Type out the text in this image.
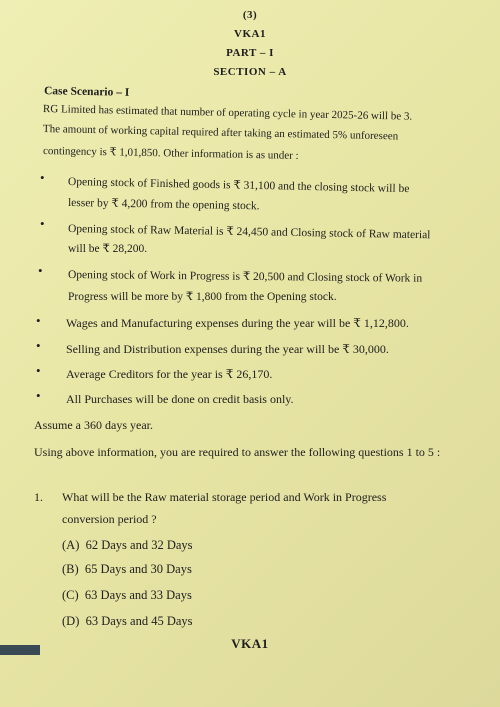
(3)
VKA1
PART – I
SECTION – A
Case Scenario – I
RG Limited has estimated that number of operating cycle in year 2025-26 will be 3.
The amount of working capital required after taking an estimated 5% unforeseen
contingency is ₹ 1,01,850. Other information is as under :
• Opening stock of Finished goods is ₹ 31,100 and the closing stock will be
lesser by ₹ 4,200 from the opening stock.
• Opening stock of Raw Material is ₹ 24,450 and Closing stock of Raw material
will be ₹ 28,200.
• Opening stock of Work in Progress is ₹ 20,500 and Closing stock of Work in
Progress will be more by ₹ 1,800 from the Opening stock.
• Wages and Manufacturing expenses during the year will be ₹ 1,12,800.
• Selling and Distribution expenses during the year will be ₹ 30,000.
• Average Creditors for the year is ₹ 26,170.
• All Purchases will be done on credit basis only.
Assume a 360 days year.
Using above information, you are required to answer the following questions 1 to 5 :
1. What will be the Raw material storage period and Work in Progress
conversion period ?
(A) 62 Days and 32 Days
(B) 65 Days and 30 Days
(C) 63 Days and 33 Days
(D) 63 Days and 45 Days
VKA1
